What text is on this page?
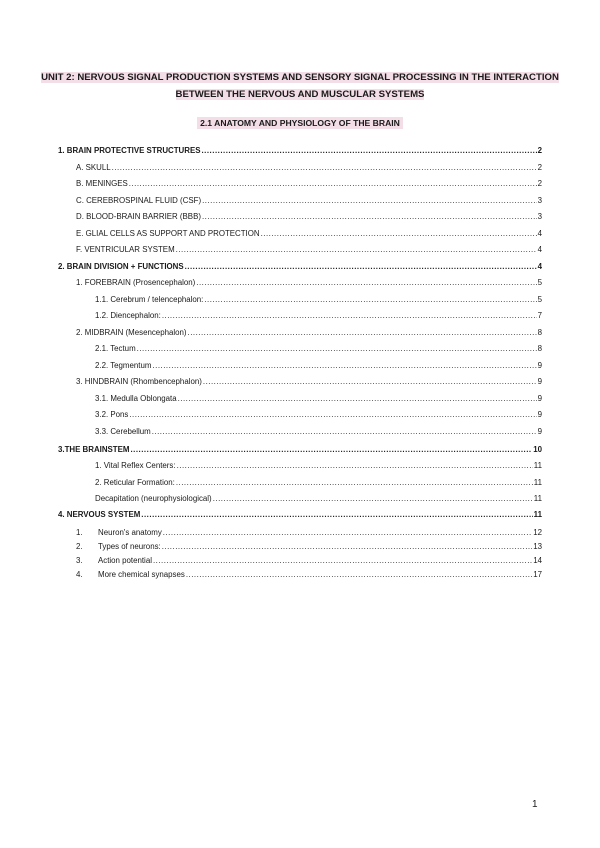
UNIT 2: NERVOUS SIGNAL PRODUCTION SYSTEMS AND SENSORY SIGNAL PROCESSING IN THE INTERACTION BETWEEN THE NERVOUS AND MUSCULAR SYSTEMS
2.1 ANATOMY AND PHYSIOLOGY OF THE BRAIN
1. BRAIN PROTECTIVE STRUCTURES .....	2
A. SKULL .....	2
B. MENINGES .....	2
C. CEREBROSPINAL FLUID (CSF) .....	3
D. BLOOD-BRAIN BARRIER (BBB) .....	3
E. GLIAL CELLS AS SUPPORT AND PROTECTION .....	4
F. VENTRICULAR SYSTEM .....	4
2. BRAIN DIVISION + FUNCTIONS .....	4
1. FOREBRAIN (Prosencephalon) .....	5
1.1. Cerebrum / telencephalon: .....	5
1.2. Diencephalon: .....	7
2. MIDBRAIN (Mesencephalon) .....	8
2.1. Tectum .....	8
2.2. Tegmentum .....	9
3. HINDBRAIN (Rhombencephalon) .....	9
3.1. Medulla Oblongata .....	9
3.2. Pons .....	9
3.3. Cerebellum .....	9
3.THE BRAINSTEM .....	10
1. Vital Reflex Centers: .....	11
2. Reticular Formation: .....	11
Decapitation (neurophysiological) .....	11
4. NERVOUS SYSTEM .....	11
1.	Neuron's anatomy .....	12
2.	Types of neurons: .....	13
3.	Action potential .....	14
4.	More chemical synapses .....	17
1
